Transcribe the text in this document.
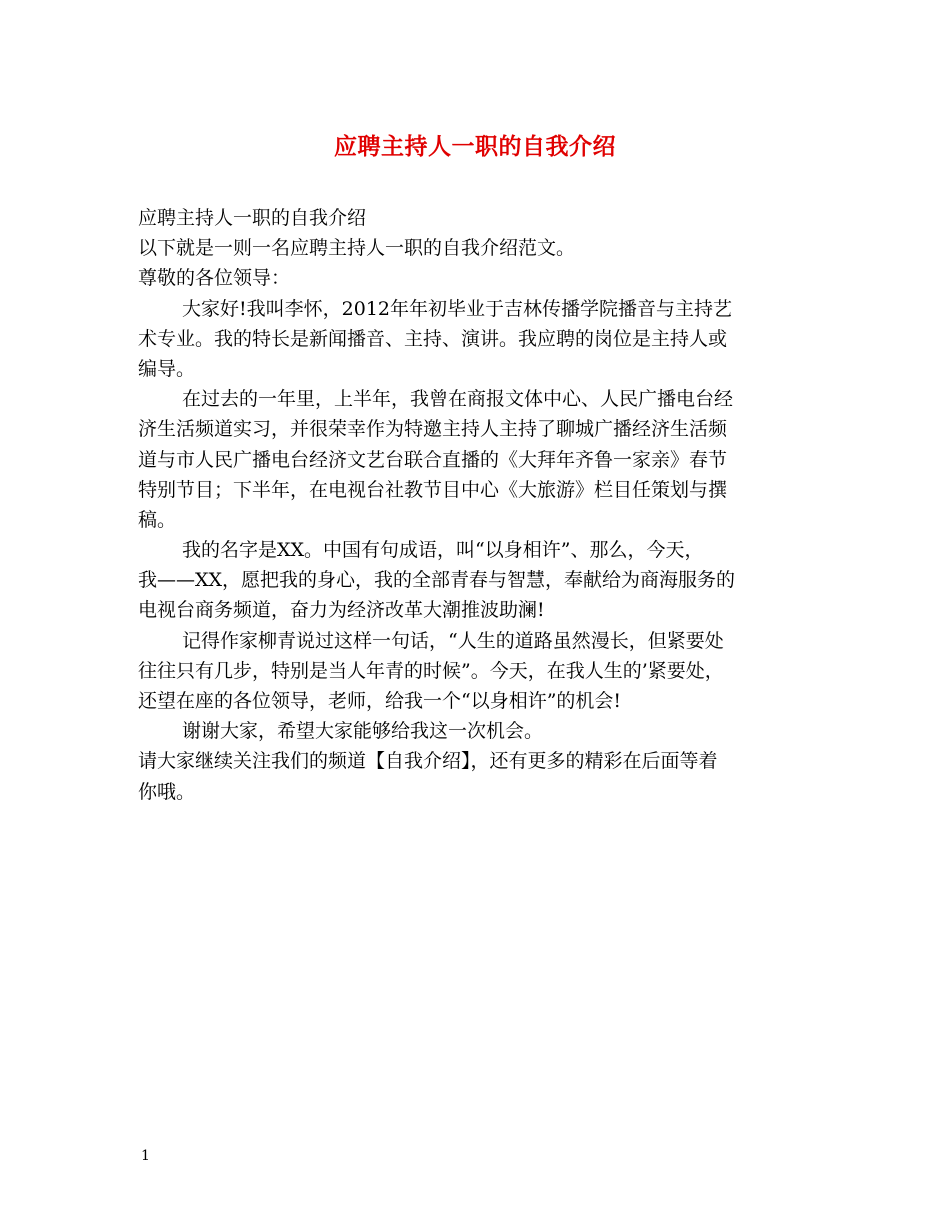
应聘主持人一职的自我介绍
应聘主持人一职的自我介绍
以下就是一则一名应聘主持人一职的自我介绍范文。
尊敬的各位领导：
大家好!我叫李怀，2012年年初毕业于吉林传播学院播音与主持艺
术专业。我的特长是新闻播音、主持、演讲。我应聘的岗位是主持人或
编导。
在过去的一年里，上半年，我曾在商报文体中心、人民广播电台经
济生活频道实习，并很荣幸作为特邀主持人主持了聊城广播经济生活频
道与市人民广播电台经济文艺台联合直播的《大拜年齐鲁一家亲》春节
特别节目；下半年，在电视台社教节目中心《大旅游》栏目任策划与撰
稿。
我的名字是XX。中国有句成语，叫“以身相许”、那么，今天，
我——XX，愿把我的身心，我的全部青春与智慧，奉献给为商海服务的
电视台商务频道，奋力为经济改革大潮推波助澜!
记得作家柳青说过这样一句话，“人生的道路虽然漫长，但紧要处
往往只有几步，特别是当人年青的时候”。今天，在我人生的’紧要处，
还望在座的各位领导，老师，给我一个“以身相许”的机会!
谢谢大家，希望大家能够给我这一次机会。
请大家继续关注我们的频道【自我介绍】，还有更多的精彩在后面等着
你哦。
1
